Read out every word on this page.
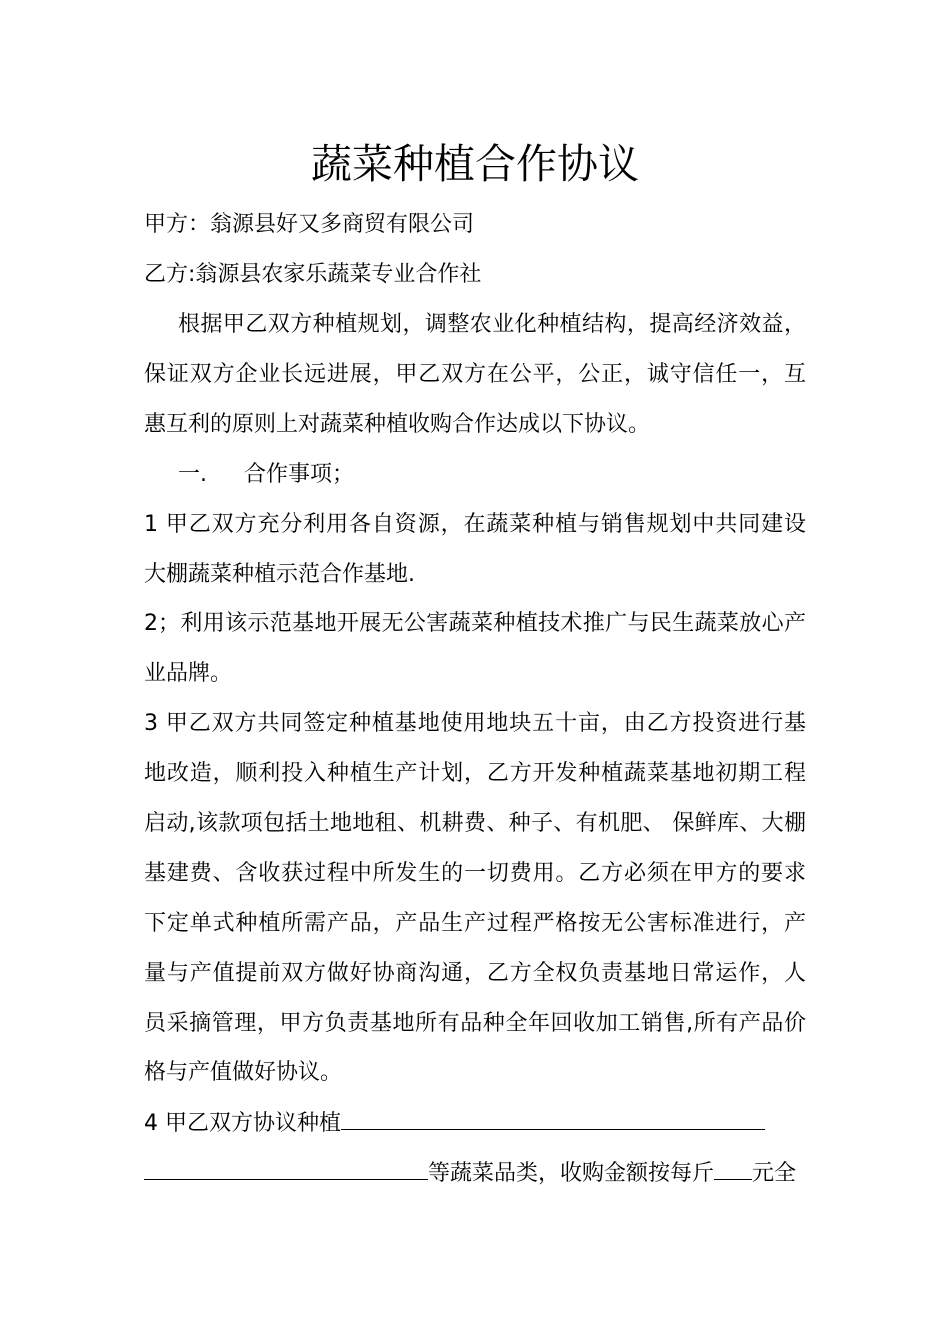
蔬菜种植合作协议
甲方：翁源县好又多商贸有限公司
乙方:翁源县农家乐蔬菜专业合作社
根据甲乙双方种植规划，调整农业化种植结构，提高经济效益，
保证双方企业长远进展，甲乙双方在公平，公正，诚守信任一，互
惠互利的原则上对蔬菜种植收购合作达成以下协议。
一. 合作事项；
1 甲乙双方充分利用各自资源，在蔬菜种植与销售规划中共同建设
大棚蔬菜种植示范合作基地.
2；利用该示范基地开展无公害蔬菜种植技术推广与民生蔬菜放心产
业品牌。
3 甲乙双方共同签定种植基地使用地块五十亩，由乙方投资进行基
地改造，顺利投入种植生产计划，乙方开发种植蔬菜基地初期工程
启动,该款项包括土地地租、机耕费、种子、有机肥、 保鲜库、大棚
基建费、含收获过程中所发生的一切费用。乙方必须在甲方的要求
下定单式种植所需产品，产品生产过程严格按无公害标准进行，产
量与产值提前双方做好协商沟通，乙方全权负责基地日常运作，人
员采摘管理，甲方负责基地所有品种全年回收加工销售,所有产品价
格与产值做好协议。
4 甲乙双方协议种植
等蔬菜品类，收购金额按每斤 元全
